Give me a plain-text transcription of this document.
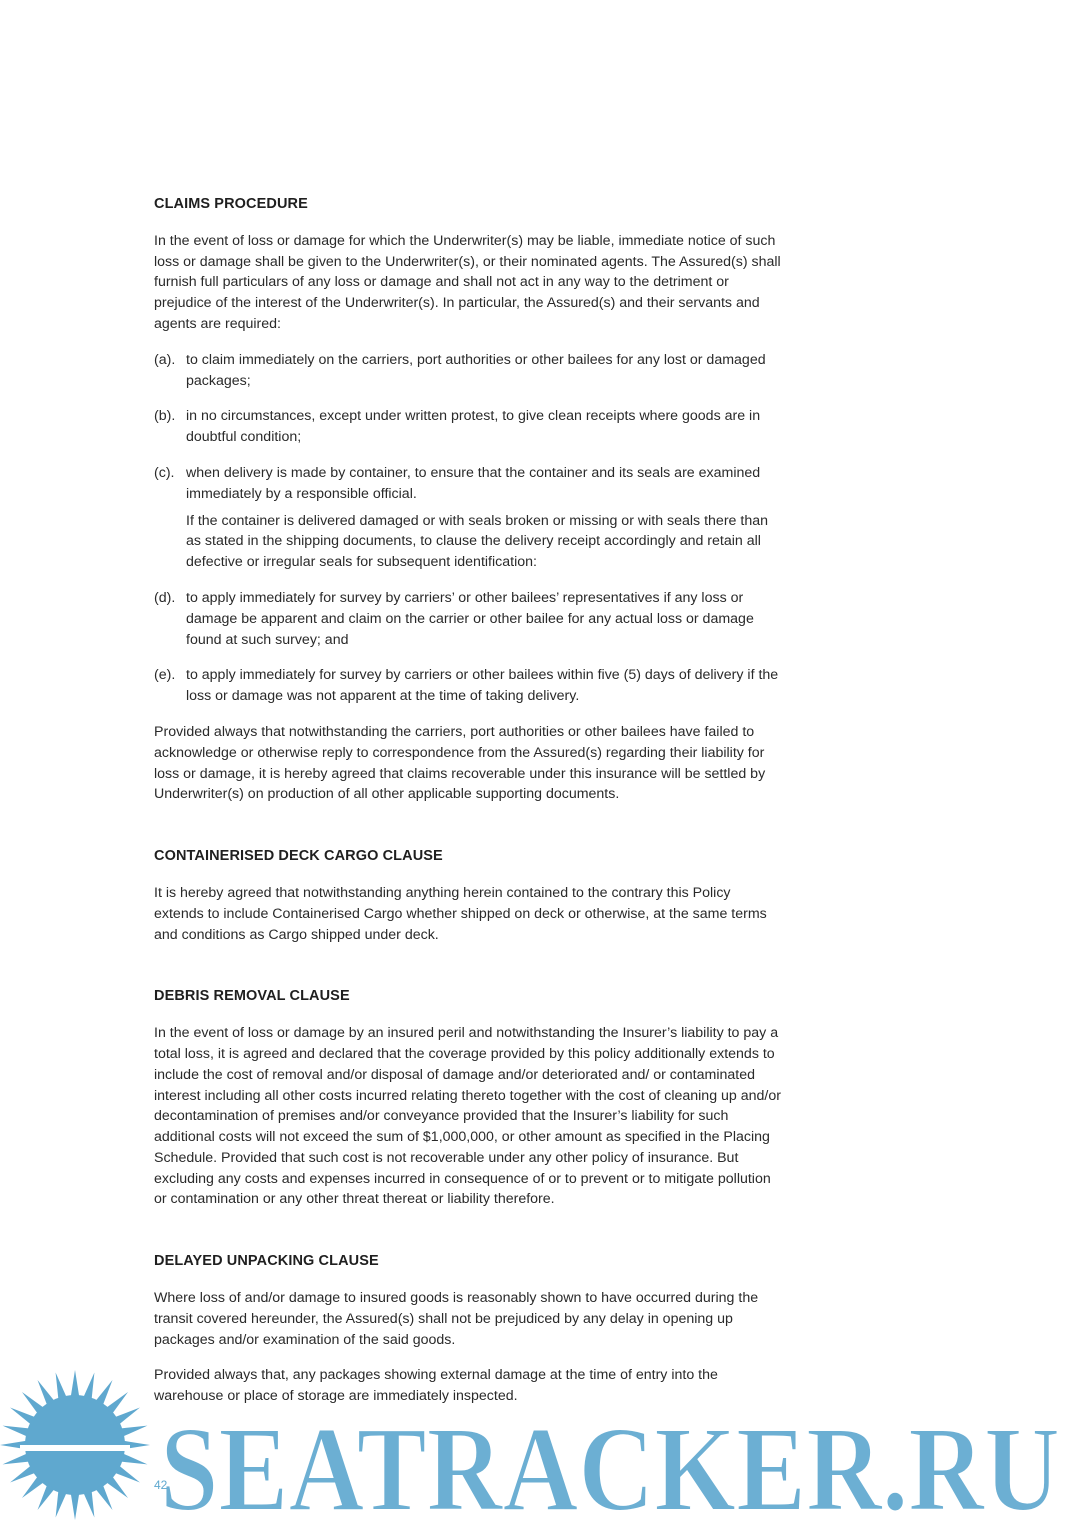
CLAIMS PROCEDURE

In the event of loss or damage for which the Underwriter(s) may be liable, immediate notice of such loss or damage shall be given to the Underwriter(s), or their nominated agents. The Assured(s) shall furnish full particulars of any loss or damage and shall not act in any way to the detriment or prejudice of the interest of the Underwriter(s). In particular, the Assured(s) and their servants and agents are required:

(a). to claim immediately on the carriers, port authorities or other bailees for any lost or damaged packages;
(b). in no circumstances, except under written protest, to give clean receipts where goods are in doubtful condition;
(c). when delivery is made by container, to ensure that the container and its seals are examined immediately by a responsible official.
If the container is delivered damaged or with seals broken or missing or with seals there than as stated in the shipping documents, to clause the delivery receipt accordingly and retain all defective or irregular seals for subsequent identification:
(d). to apply immediately for survey by carriers’ or other bailees’ representatives if any loss or damage be apparent and claim on the carrier or other bailee for any actual loss or damage found at such survey; and
(e). to apply immediately for survey by carriers or other bailees within five (5) days of delivery if the loss or damage was not apparent at the time of taking delivery.

Provided always that notwithstanding the carriers, port authorities or other bailees have failed to acknowledge or otherwise reply to correspondence from the Assured(s) regarding their liability for loss or damage, it is hereby agreed that claims recoverable under this insurance will be settled by Underwriter(s) on production of all other applicable supporting documents.

CONTAINERISED DECK CARGO CLAUSE

It is hereby agreed that notwithstanding anything herein contained to the contrary this Policy extends to include Containerised Cargo whether shipped on deck or otherwise, at the same terms and conditions as Cargo shipped under deck.

DEBRIS REMOVAL CLAUSE

In the event of loss or damage by an insured peril and notwithstanding the Insurer’s liability to pay a total loss, it is agreed and declared that the coverage provided by this policy additionally extends to include the cost of removal and/or disposal of damage and/or deteriorated and/ or contaminated interest including all other costs incurred relating thereto together with the cost of cleaning up and/or decontamination of premises and/or conveyance provided that the Insurer’s liability for such additional costs will not exceed the sum of $1,000,000, or other amount as specified in the Placing Schedule. Provided that such cost is not recoverable under any other policy of insurance. But excluding any costs and expenses incurred in consequence of or to prevent or to mitigate pollution or contamination or any other threat thereat or liability therefore.

DELAYED UNPACKING CLAUSE

Where loss of and/or damage to insured goods is reasonably shown to have occurred during the transit covered hereunder, the Assured(s) shall not be prejudiced by any delay in opening up packages and/or examination of the said goods.

Provided always that, any packages showing external damage at the time of entry into the warehouse or place of storage are immediately inspected.

SEATRACKER.RU
42
